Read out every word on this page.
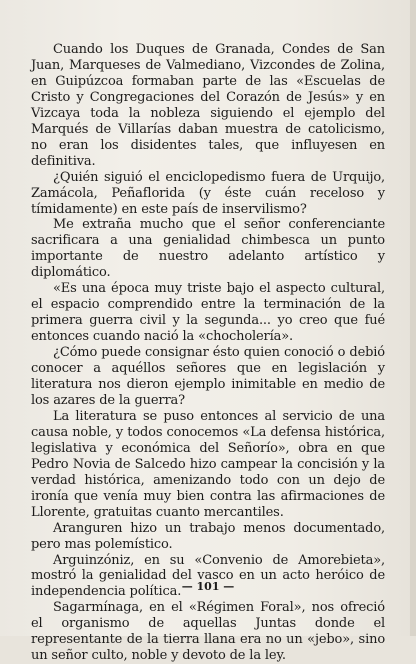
Cuando los Duques de Granada, Condes de San Juan, Marqueses de Valmediano, Vizcondes de Zolina, en Guipúzcoa formaban parte de las «Escuelas de Cristo y Congregaciones del Corazón de Jesús» y en Vizcaya toda la nobleza siguiendo el ejemplo del Marqués de Villarías daban muestra de catolicismo, no eran los disidentes tales, que influyesen en definitiva.

¿Quién siguió el enciclopedismo fuera de Urquijo, Zamácola, Peñaflorida (y éste cuán receloso y tímidamente) en este país de inservilismo?

Me extraña mucho que el señor conferenciante sacrificara a una genialidad chimbesca un punto importante de nuestro adelanto artístico y diplomático.

«Es una época muy triste bajo el aspecto cultural, el espacio comprendido entre la terminación de la primera guerra civil y la segunda... yo creo que fué entonces cuando nació la «chocholería».

¿Cómo puede consignar ésto quien conoció o debió conocer a aquéllos señores que en legislación y literatura nos dieron ejemplo inimitable en medio de los azares de la guerra?

La literatura se puso entonces al servicio de una causa noble, y todos conocemos «La defensa histórica, legislativa y económica del Señorío», obra en que Pedro Novia de Salcedo hizo campear la concisión y la verdad histórica, amenizando todo con un dejo de ironía que venía muy bien contra las afirmaciones de Llorente, gratuitas cuanto mercantiles.

Aranguren hizo un trabajo menos documentado, pero mas polemístico.

Arguinzóniz, en su «Convenio de Amorebieta», mostró la genialidad del vasco en un acto heróico de independencia política.

Sagarmínaga, en el «Régimen Foral», nos ofreció el organismo de aquellas Juntas donde el representante de la tierra llana era no un «jebo», sino un señor culto, noble y devoto de la ley.

— 101 —
